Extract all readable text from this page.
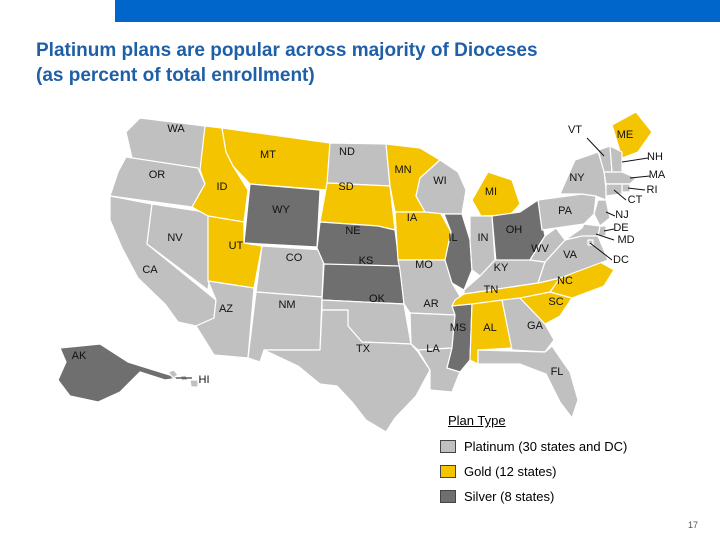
Platinum plans are popular across majority of Dioceses
(as percent of total enrollment)
WA
OR
CA
NV
ID
MT
WY
UT
AZ
CO
NM
ND
SD
NE
KS
OK
TX
MN
IA
MO
AR
LA
WI
IL
MI
IN
OH
KY
TN
MS AL	GA
FL
SC
NC
VA
WV
PA
NY
ME
VT
NH
MA
RI
CT
NJ
DE
MD
DC
AK
HI
Plan Type
Platinum (30 states and DC)
Gold (12 states)
Silver (8 states)
17
